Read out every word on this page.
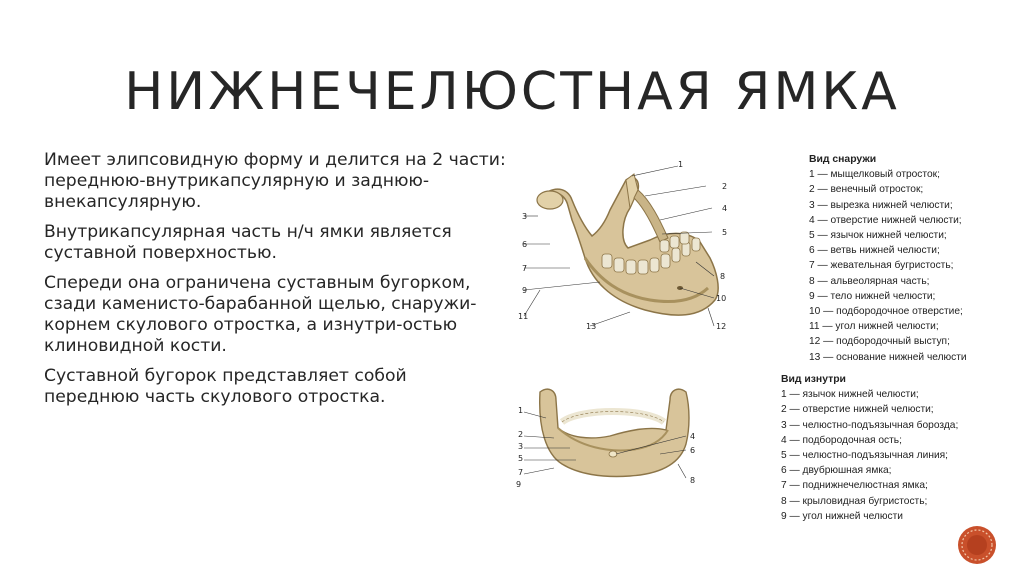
НИЖНЕЧЕЛЮСТНАЯ ЯМКА

Имеет элипсовидную форму и делится на 2 части: переднюю-внутрикапсулярную и заднюю-внекапсулярную.

Внутрикапсулярная часть н/ч ямки является суставной поверхностью.

Спереди она ограничена суставным бугорком, сзади каменисто-барабанной щелью, снаружи-корнем скулового отростка, а изнутри-остью клиновидной кости.

Суставной бугорок представляет собой переднюю часть скулового отростка.

1
2
3
4
5
6
7
8
9
10
11
12
13
1
2
3
5
7
9
4
6
8
Вид снаружи
1 — мыщелковый отросток;
2 — венечный отросток;
3 — вырезка нижней челюсти;
4 — отверстие нижней челюсти;
5 — язычок нижней челюсти;
6 — ветвь нижней челюсти;
7 — жевательная бугристость;
8 — альвеолярная часть;
9 — тело нижней челюсти;
10 — подбородочное отверстие;
11 — угол нижней челюсти;
12 — подбородочный выступ;
13 — основание нижней челюсти
Вид изнутри
1 — язычок нижней челюсти;
2 — отверстие нижней челюсти;
3 — челюстно-подъязычная борозда;
4 — подбородочная ость;
5 — челюстно-подъязычная линия;
6 — двубрюшная ямка;
7 — поднижнечелюстная ямка;
8 — крыловидная бугристость;
9 — угол нижней челюсти
